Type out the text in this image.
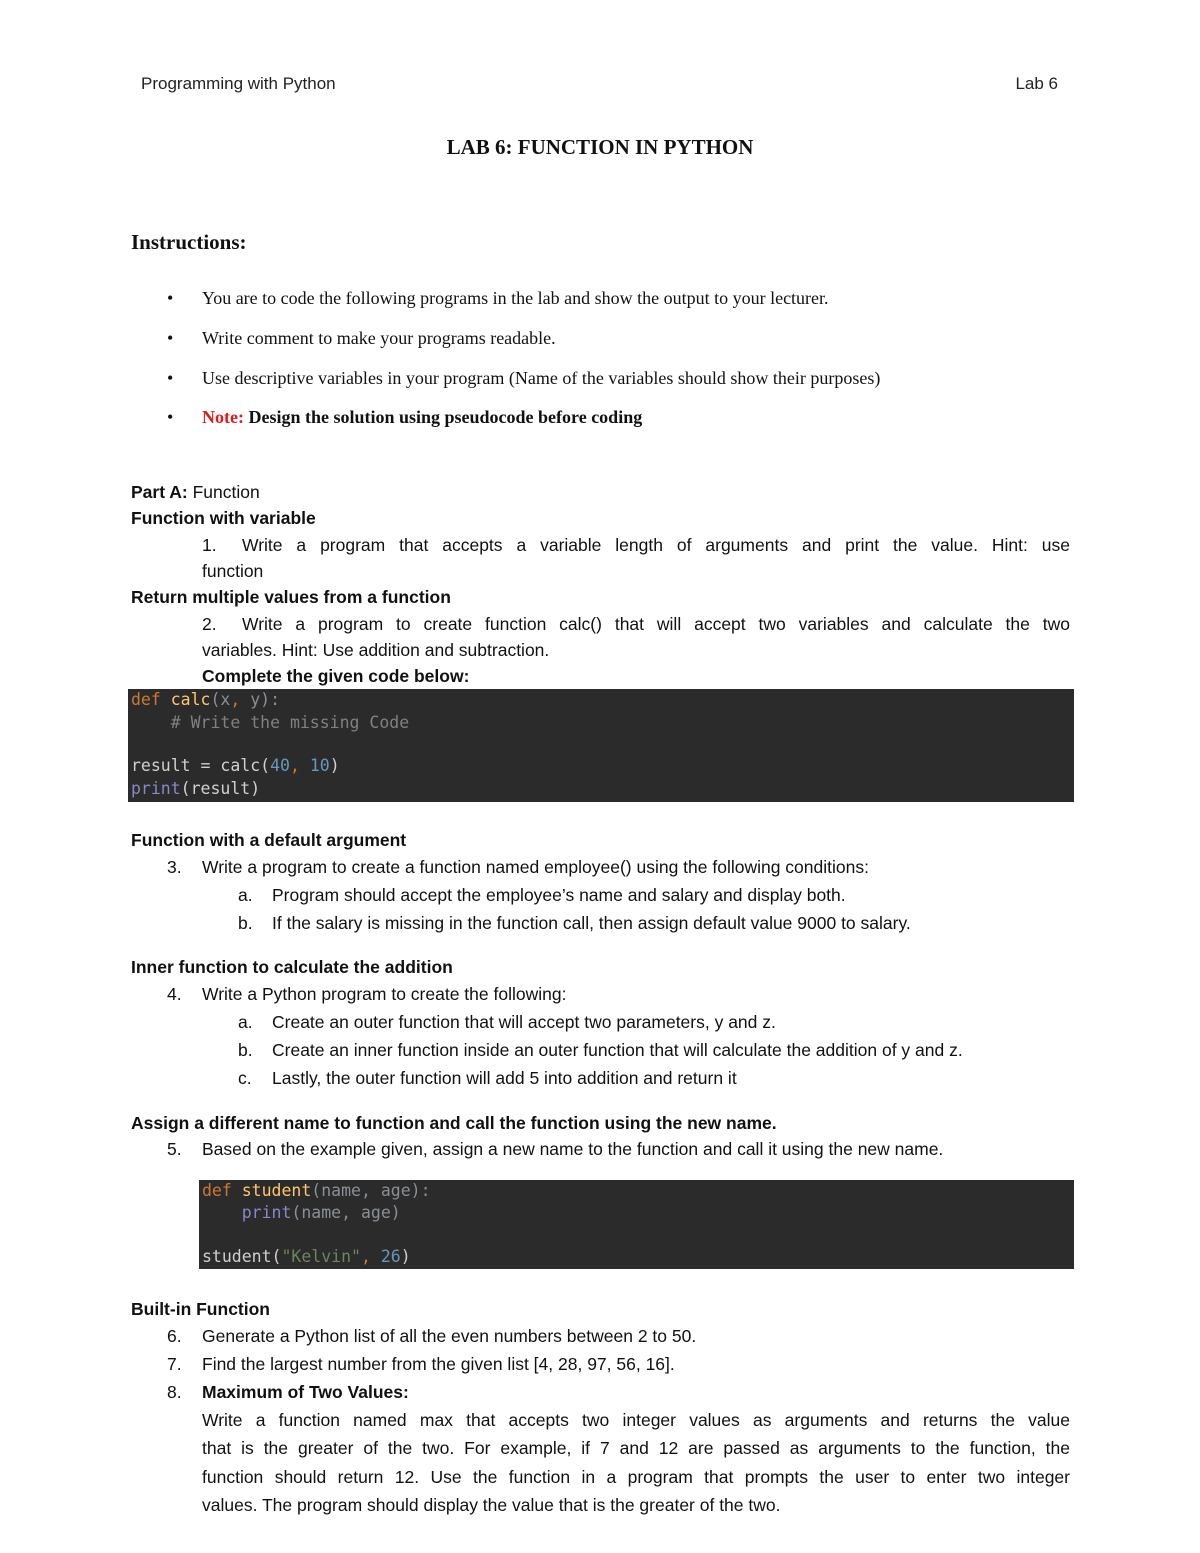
Programming with Python	Lab 6
LAB 6: FUNCTION IN PYTHON
Instructions:
• You are to code the following programs in the lab and show the output to your lecturer.
• Write comment to make your programs readable.
• Use descriptive variables in your program (Name of the variables should show their purposes)
• Note: Design the solution using pseudocode before coding
Part A: Function
Function with variable
1. Write a program that accepts a variable length of arguments and print the value. Hint: use
function
Return multiple values from a function
2. Write a program to create function calc() that will accept two variables and calculate the two
variables. Hint: Use addition and subtraction.
Complete the given code below:
def calc(x, y):
# Write the missing Code
result = calc(40, 10)
print(result)
Function with a default argument
3. Write a program to create a function named employee() using the following conditions:
a. Program should accept the employee’s name and salary and display both.
b. If the salary is missing in the function call, then assign default value 9000 to salary.
Inner function to calculate the addition
4. Write a Python program to create the following:
a. Create an outer function that will accept two parameters, y and z.
b. Create an inner function inside an outer function that will calculate the addition of y and z.
c. Lastly, the outer function will add 5 into addition and return it
Assign a different name to function and call the function using the new name.
5. Based on the example given, assign a new name to the function and call it using the new name.
def student(name, age):
print(name, age)
student("Kelvin", 26)
Built-in Function
6. Generate a Python list of all the even numbers between 2 to 50.
7. Find the largest number from the given list [4, 28, 97, 56, 16].
8. Maximum of Two Values:
Write a function named max that accepts two integer values as arguments and returns the value
that is the greater of the two. For example, if 7 and 12 are passed as arguments to the function, the
function should return 12. Use the function in a program that prompts the user to enter two integer
values. The program should display the value that is the greater of the two.
